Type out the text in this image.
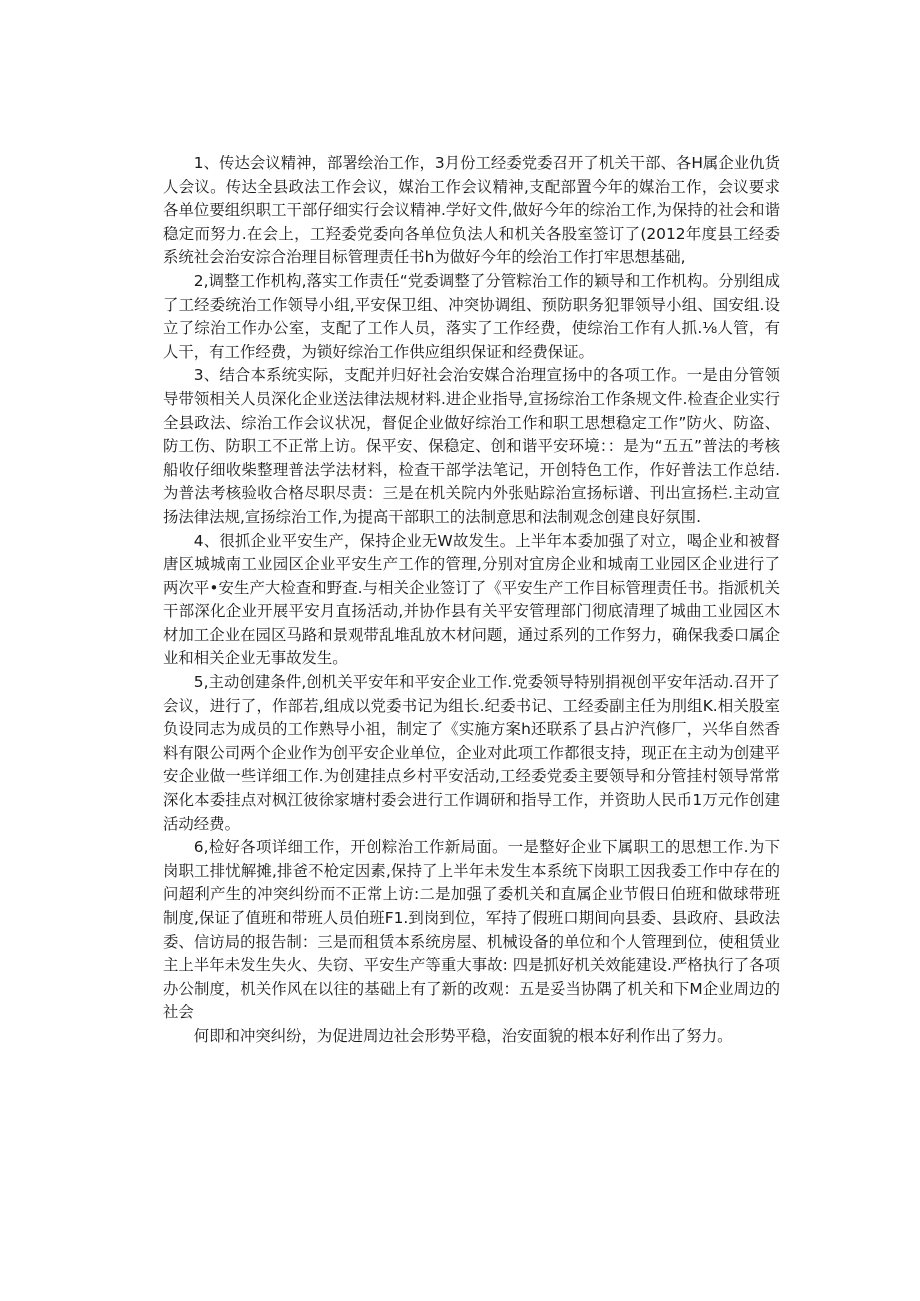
1、传达会议精神，部署绘治工作，3月份工经委党委召开了机关干部、各H属企业仇货人会议。传达全县政法工作会议，媒治工作会议精神,支配部置今年的媒治工作，会议要求各单位要组织职工干部仔细实行会议精神.学好文件,做好今年的综治工作,为保持的社会和谐稳定而努力.在会上，工羟委党委向各单位负法人和机关各股室签订了(2012年度县工经委系统社会治安淙合治理目标管理责任书h为做好今年的绘治工作打牢思想基础,

2,调整工作机构,落实工作责任“党委调整了分管粽治工作的颖导和工作机构。分别组成了工经委统治工作领导小组,平安保卫组、冲突协调组、预防职务犯罪领导小组、国安组.设立了综治工作办公室，支配了工作人员，落实了工作经费，使综治工作有人抓.⅛人管，有人干，有工作经费，为锁好综治工作供应组织保证和经费保证。

3、结合本系统实际，支配并归好社会治安媒合治理宣扬中的各项工作。一是由分管领导带领相关人员深化企业送法律法规材料.进企业指导,宣扬综治工作条规文件.检查企业实行全县政法、综治工作会议状况，督促企业做好综治工作和职工思想稳定工作”防火、防盗、防工伤、防职工不正常上访。保平安、保稳定、创和谐平安环境：：是为“五五”普法的考核船收仔细收柴整理普法学法材料，检查干部学法笔记，开创特色工作，作好普法工作总结.为普法考核验收合格尽职尽责：三是在机关院内外张贴踪治宣扬标谱、刊出宣扬栏.主动宣扬法律法规,宣扬综治工作,为提高干部职工的法制意思和法制观念创建良好氛围.

4、很抓企业平安生产，保持企业无W故发生。上半年本委加强了对立，喝企业和被督唐区城城南工业园区企业平安生产工作的管理,分别对宜房企业和城南工业园区企业进行了两次平•安生产大检查和野查.与相关企业签订了《平安生产工作目标管理责任书。指派机关干部深化企业开展平安月直扬活动,并协作县有关平安管理部门彻底清理了城曲工业园区木材加工企业在园区马路和景观带乱堆乱放木材问题，通过系列的工作努力，确保我委口属企业和相关企业无事故发生。

5,主动创建条件,创机关平安年和平安企业工作.党委领导特别捐视创平安年活动.召开了会议，进行了，作部若,组成以党委书记为组长.纪委书记、工经委副主任为刖组K.相关股室负设同志为成员的工作熟导小祖，制定了《实施方案h还联系了县占沪汽修厂，兴华自然香料有限公司两个企业作为创平安企业单位，企业对此项工作都很支持，现正在主动为创建平安企业做一些详细工作.为创建挂点乡村平安活动,工经委党委主要领导和分管挂村领导常常深化本委挂点对枫江彼徐家塘村委会进行工作调研和指导工作，并资助人民币1万元作创建活动经费。

6,检好各项详细工作，开创粽治工作新局面。一是整好企业下属职工的思想工作.为下岗职工排忧解摊,排爸不枪定因素,保持了上半年未发生本系统下岗职工因我委工作中存在的问超利产生的冲突纠纷而不正常上访:二是加强了委机关和直属企业节假日伯班和做球带班制度,保证了值班和带班人员伯班F1.到岗到位，军持了假班口期间向县委、县政府、县政法委、信访局的报告制：三是而租赁本系统房屋、机械设备的单位和个人管理到位，使租赁业主上半年未发生失火、失窃、平安生产等重大事故: 四是抓好机关效能建设.严格执行了各项办公制度，机关作风在以往的基础上有了新的改观：五是妥当协隅了机关和下M企业周边的社会

何即和冲突纠纷，为促进周边社会形势平稳，治安面貌的根本好利作出了努力。
